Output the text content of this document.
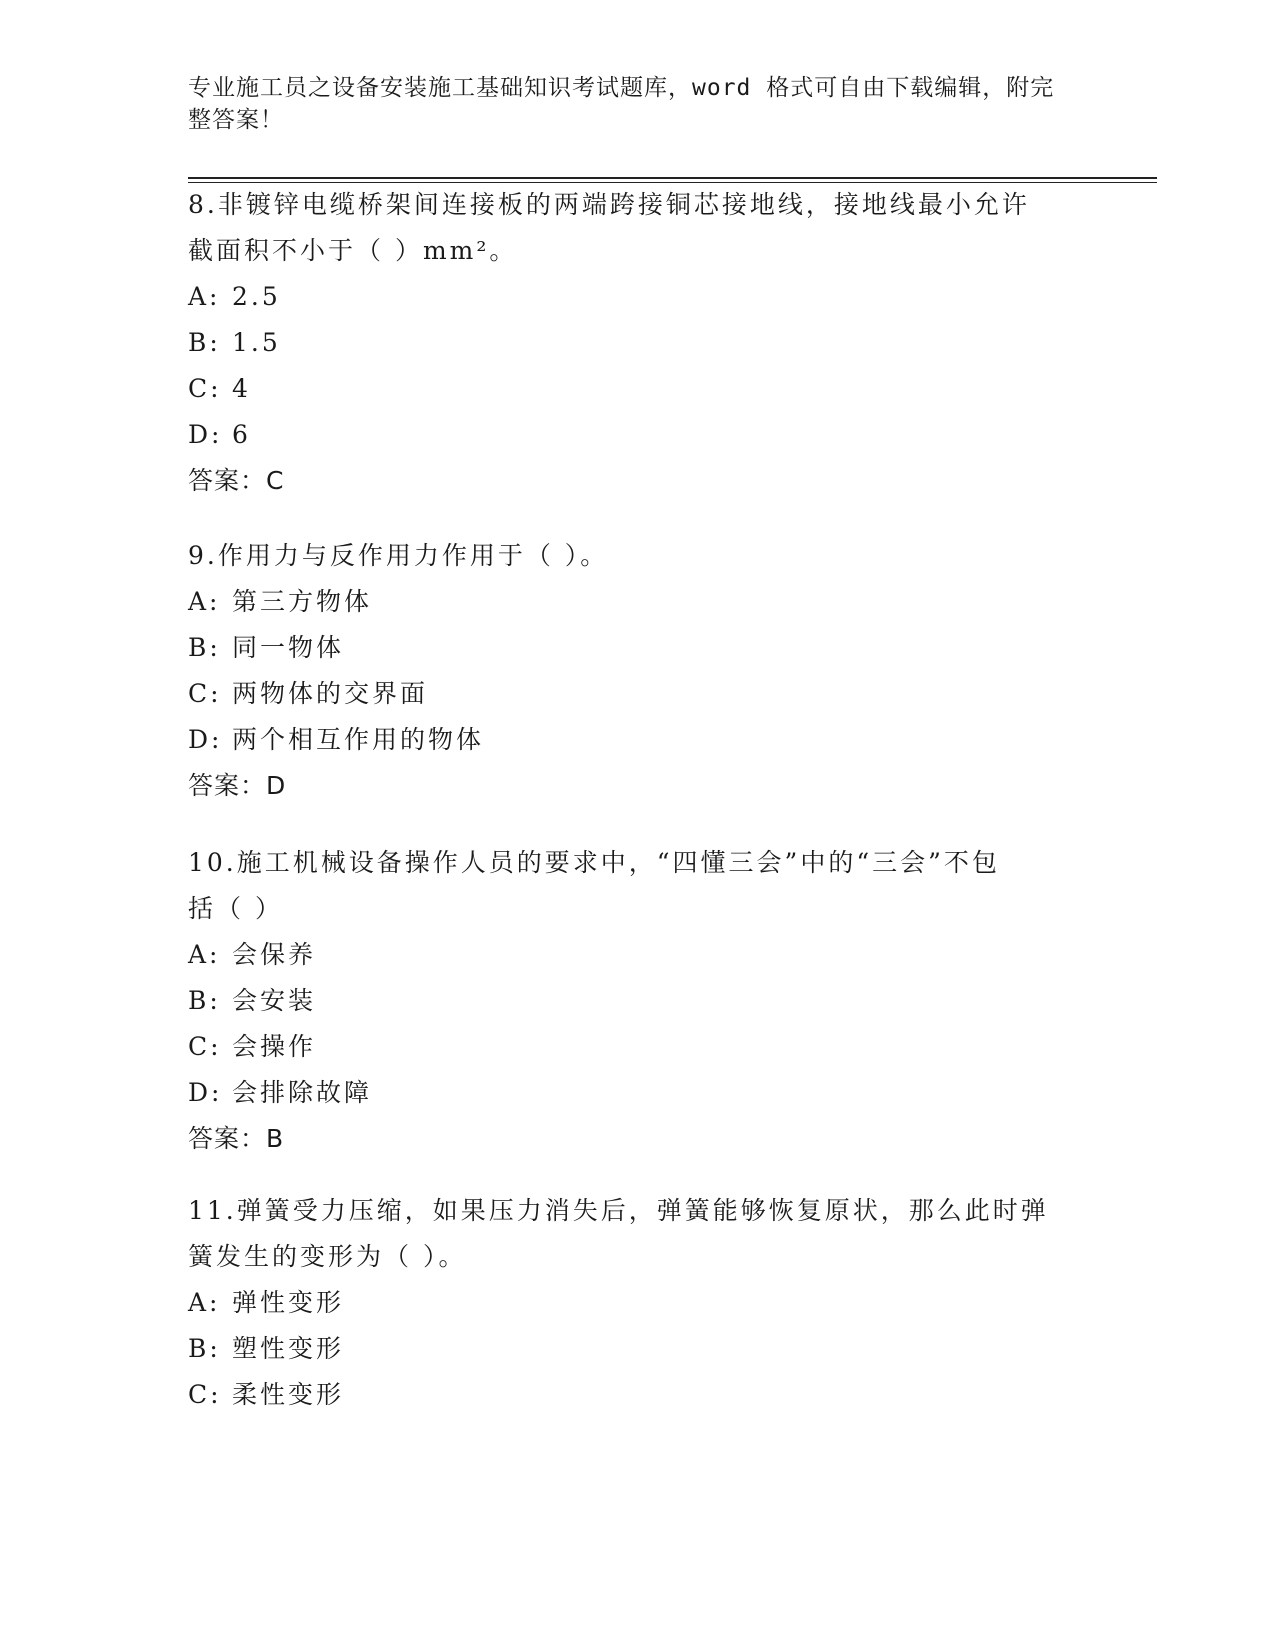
专业施工员之设备安装施工基础知识考试题库，word 格式可自由下载编辑，附完
整答案！
8.非镀锌电缆桥架间连接板的两端跨接铜芯接地线，接地线最小允许
截面积不小于（ ）mm²。
A: 2.5
B: 1.5
C: 4
D: 6
答案：C
9.作用力与反作用力作用于（ ）。
A: 第三方物体
B: 同一物体
C: 两物体的交界面
D: 两个相互作用的物体
答案：D
10.施工机械设备操作人员的要求中，“四懂三会”中的“三会”不包
括（ ）
A: 会保养
B: 会安装
C: 会操作
D: 会排除故障
答案：B
11.弹簧受力压缩，如果压力消失后，弹簧能够恢复原状，那么此时弹
簧发生的变形为（ ）。
A: 弹性变形
B: 塑性变形
C: 柔性变形
